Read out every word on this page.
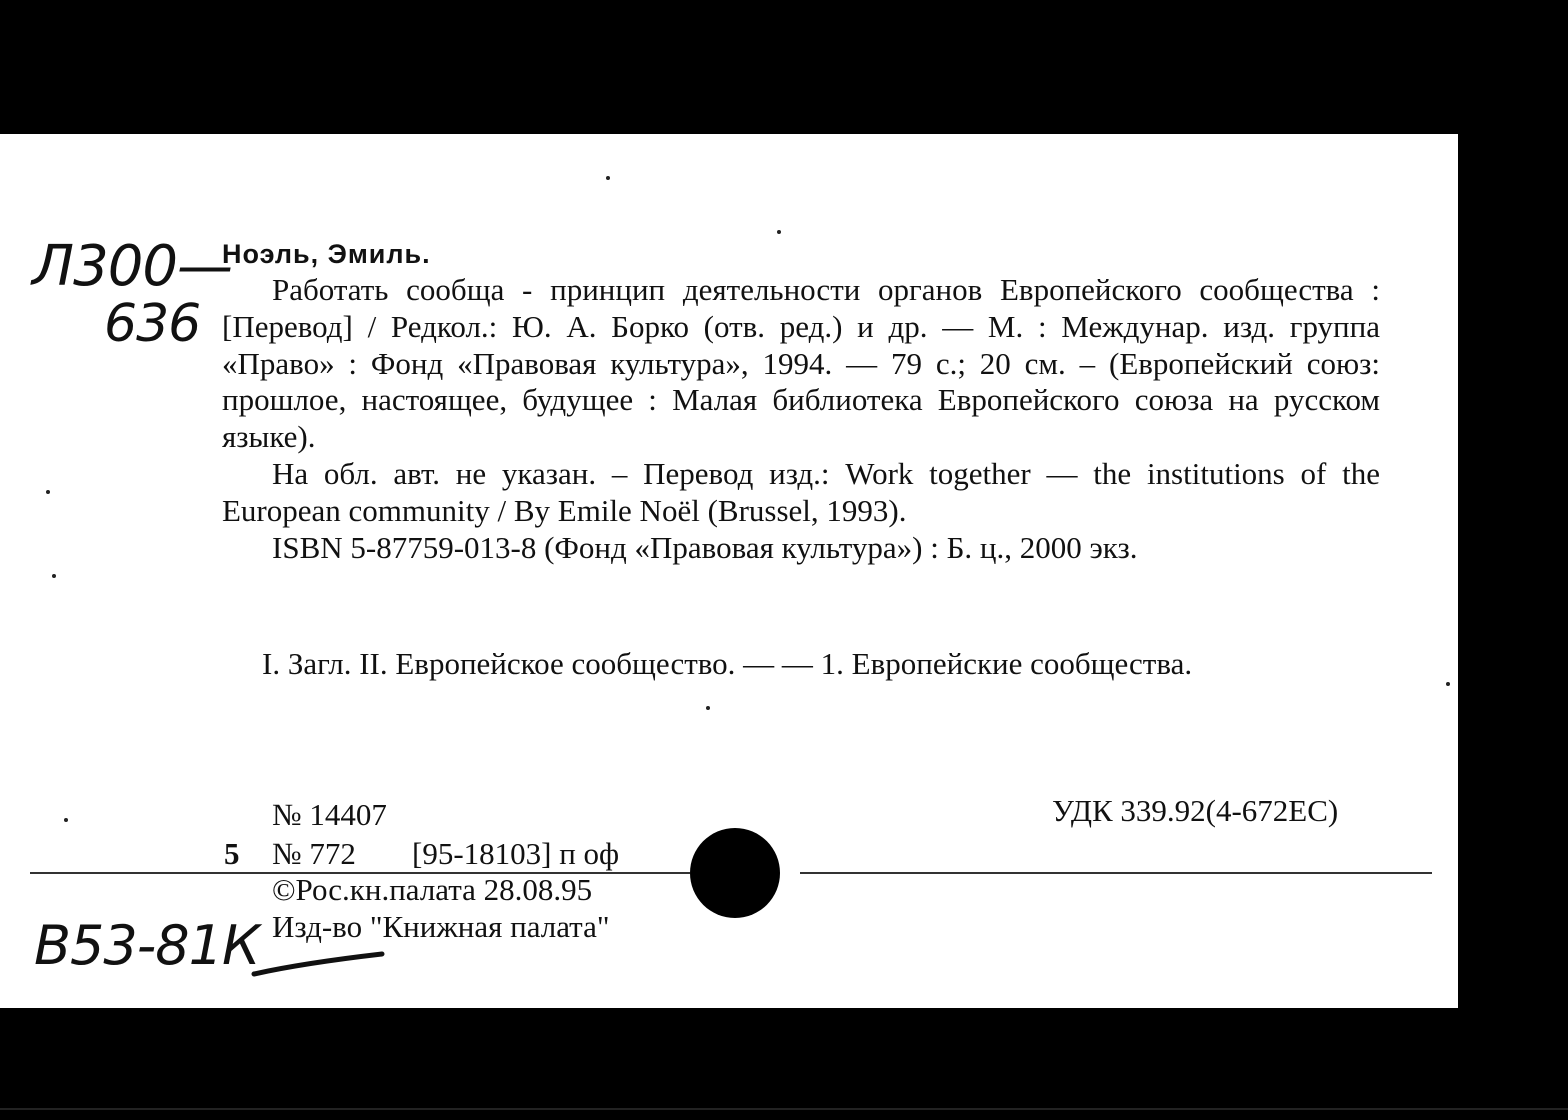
Л300—
636
Ноэль, Эмиль.

Работать сообща - принцип деятельности органов Европейского сообщества : [Перевод] / Редкол.: Ю. А. Борко (отв. ред.) и др. — М. : Междунар. изд. группа «Право» : Фонд «Правовая культура», 1994. — 79 с.; 20 см. – (Европейский союз: прошлое, настоящее, будущее : Малая библиотека Европейского союза на русском языке).

На обл. авт. не указан. – Перевод изд.: Work together — the institutions of the European community / By Emile Noël (Brussel, 1993).

ISBN 5-87759-013-8 (Фонд «Правовая культура») : Б. ц., 2000 экз.

I. Загл. II. Европейское сообщество. — — 1. Европейские сообщества.

№ 14407	УДК 339.92(4-672ЕС)
5 № 772 [95-18103] п оф
©Рос.кн.палата 28.08.95
Изд-во "Книжная палата"
В53-81К
